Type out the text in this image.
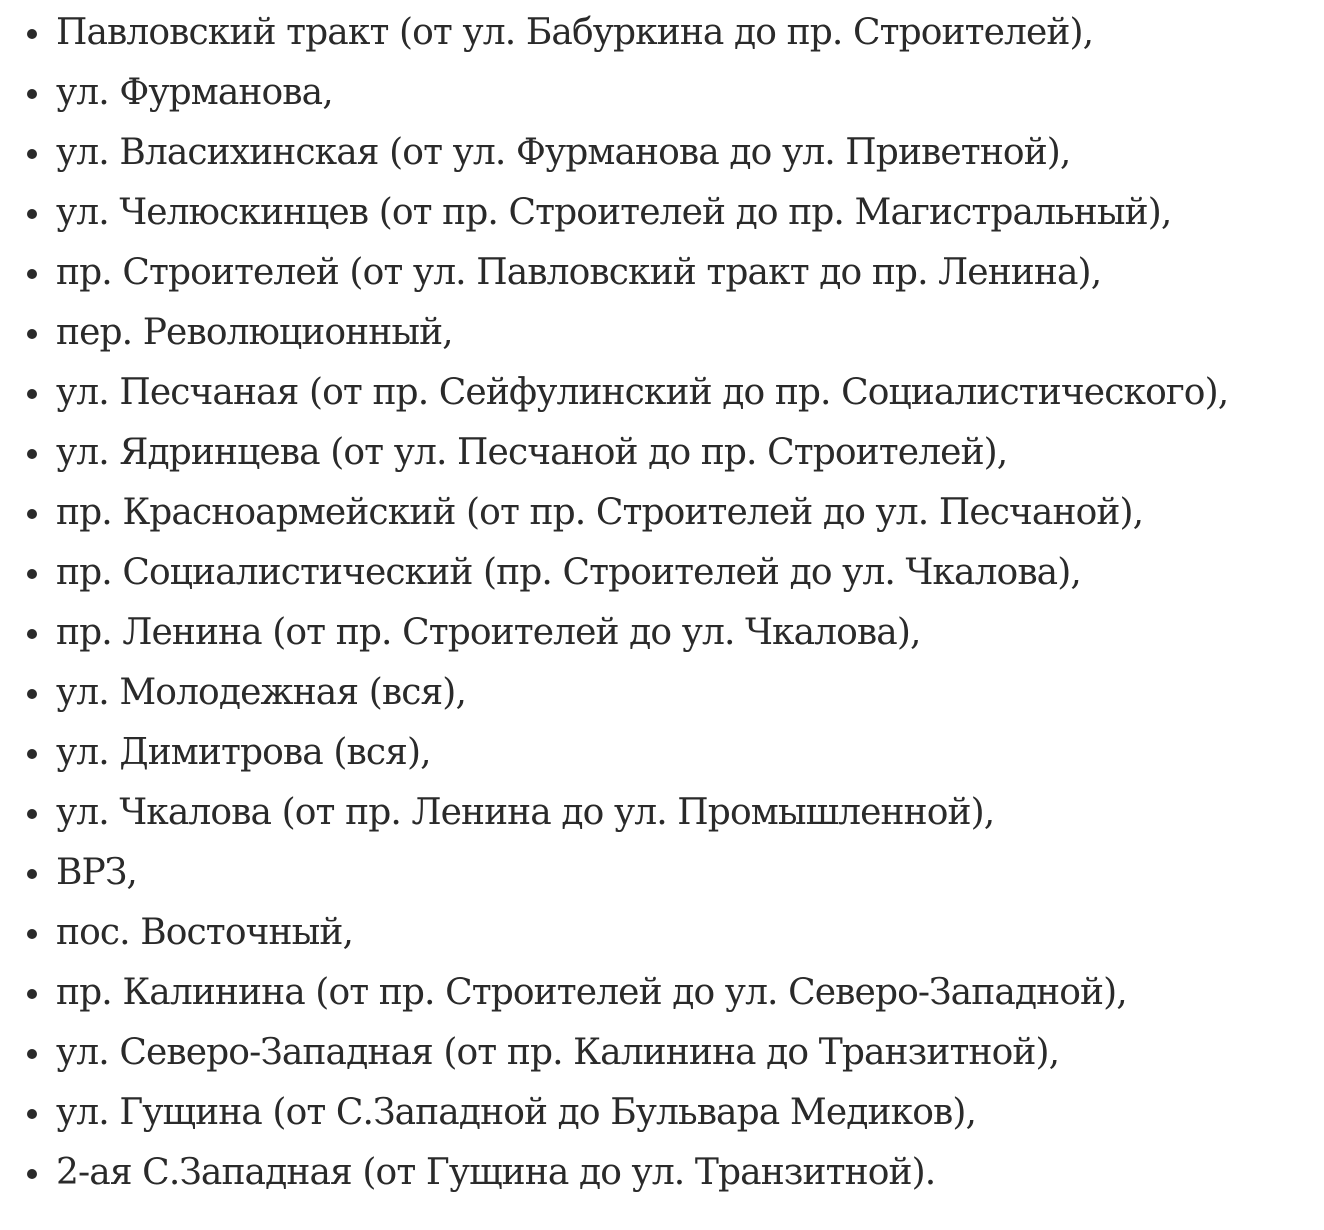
Павловский тракт (от ул. Бабуркина до пр. Строителей),
ул. Фурманова,
ул. Власихинская (от ул. Фурманова до ул. Приветной),
ул. Челюскинцев (от пр. Строителей до пр. Магистральный),
пр. Строителей (от ул. Павловский тракт до пр. Ленина),
пер. Революционный,
ул. Песчаная (от пр. Сейфулинский до пр. Социалистического),
ул. Ядринцева (от ул. Песчаной до пр. Строителей),
пр. Красноармейский (от пр. Строителей до ул. Песчаной),
пр. Социалистический (пр. Строителей до ул. Чкалова),
пр. Ленина (от пр. Строителей до ул. Чкалова),
ул. Молодежная (вся),
ул. Димитрова (вся),
ул. Чкалова (от пр. Ленина до ул. Промышленной),
ВРЗ,
пос. Восточный,
пр. Калинина (от пр. Строителей до ул. Северо-Западной),
ул. Северо-Западная (от пр. Калинина до Транзитной),
ул. Гущина (от С.Западной до Бульвара Медиков),
2-ая С.Западная (от Гущина до ул. Транзитной).
